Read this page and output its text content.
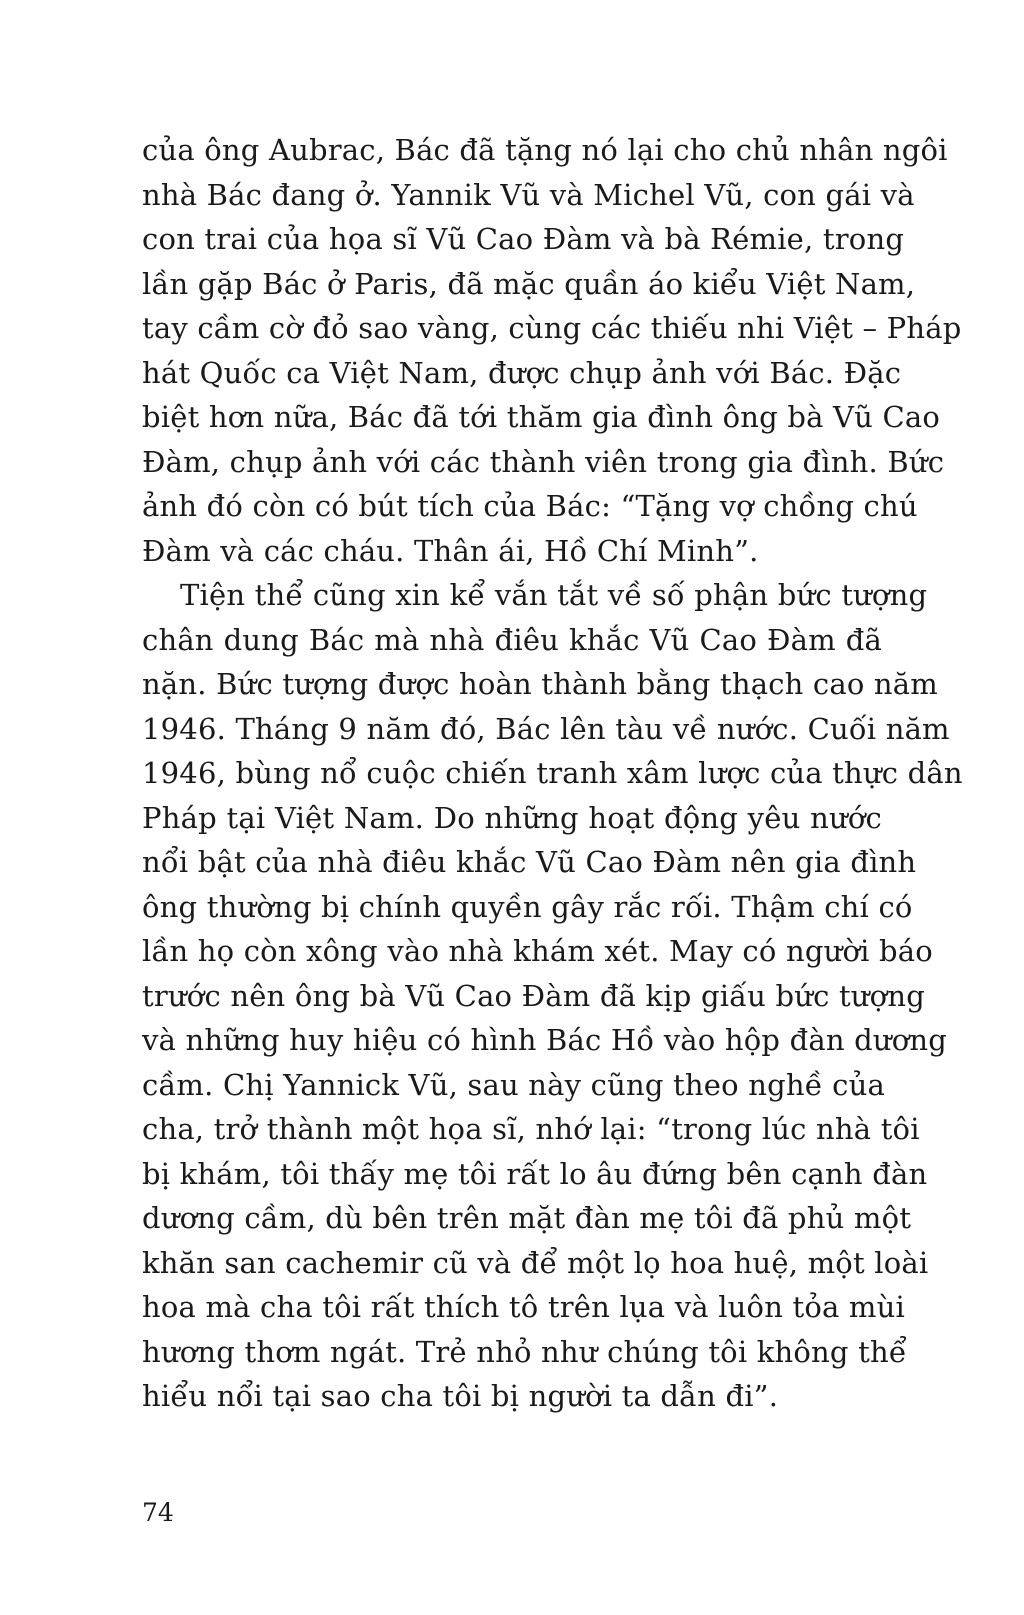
của ông Aubrac, Bác đã tặng nó lại cho chủ nhân ngôi
nhà Bác đang ở. Yannik Vũ và Michel Vũ, con gái và
con trai của họa sĩ Vũ Cao Đàm và bà Rémie, trong
lần gặp Bác ở Paris, đã mặc quần áo kiểu Việt Nam,
tay cầm cờ đỏ sao vàng, cùng các thiếu nhi Việt – Pháp
hát Quốc ca Việt Nam, được chụp ảnh với Bác. Đặc
biệt hơn nữa, Bác đã tới thăm gia đình ông bà Vũ Cao
Đàm, chụp ảnh với các thành viên trong gia đình. Bức
ảnh đó còn có bút tích của Bác: “Tặng vợ chồng chú
Đàm và các cháu. Thân ái, Hồ Chí Minh”.
Tiện thể cũng xin kể vắn tắt về số phận bức tượng
chân dung Bác mà nhà điêu khắc Vũ Cao Đàm đã
nặn. Bức tượng được hoàn thành bằng thạch cao năm
1946. Tháng 9 năm đó, Bác lên tàu về nước. Cuối năm
1946, bùng nổ cuộc chiến tranh xâm lược của thực dân
Pháp tại Việt Nam. Do những hoạt động yêu nước
nổi bật của nhà điêu khắc Vũ Cao Đàm nên gia đình
ông thường bị chính quyền gây rắc rối. Thậm chí có
lần họ còn xông vào nhà khám xét. May có người báo
trước nên ông bà Vũ Cao Đàm đã kịp giấu bức tượng
và những huy hiệu có hình Bác Hồ vào hộp đàn dương
cầm. Chị Yannick Vũ, sau này cũng theo nghề của
cha, trở thành một họa sĩ, nhớ lại: “trong lúc nhà tôi
bị khám, tôi thấy mẹ tôi rất lo âu đứng bên cạnh đàn
dương cầm, dù bên trên mặt đàn mẹ tôi đã phủ một
khăn san cachemir cũ và để một lọ hoa huệ, một loài
hoa mà cha tôi rất thích tô trên lụa và luôn tỏa mùi
hương thơm ngát. Trẻ nhỏ như chúng tôi không thể
hiểu nổi tại sao cha tôi bị người ta dẫn đi”.
74
